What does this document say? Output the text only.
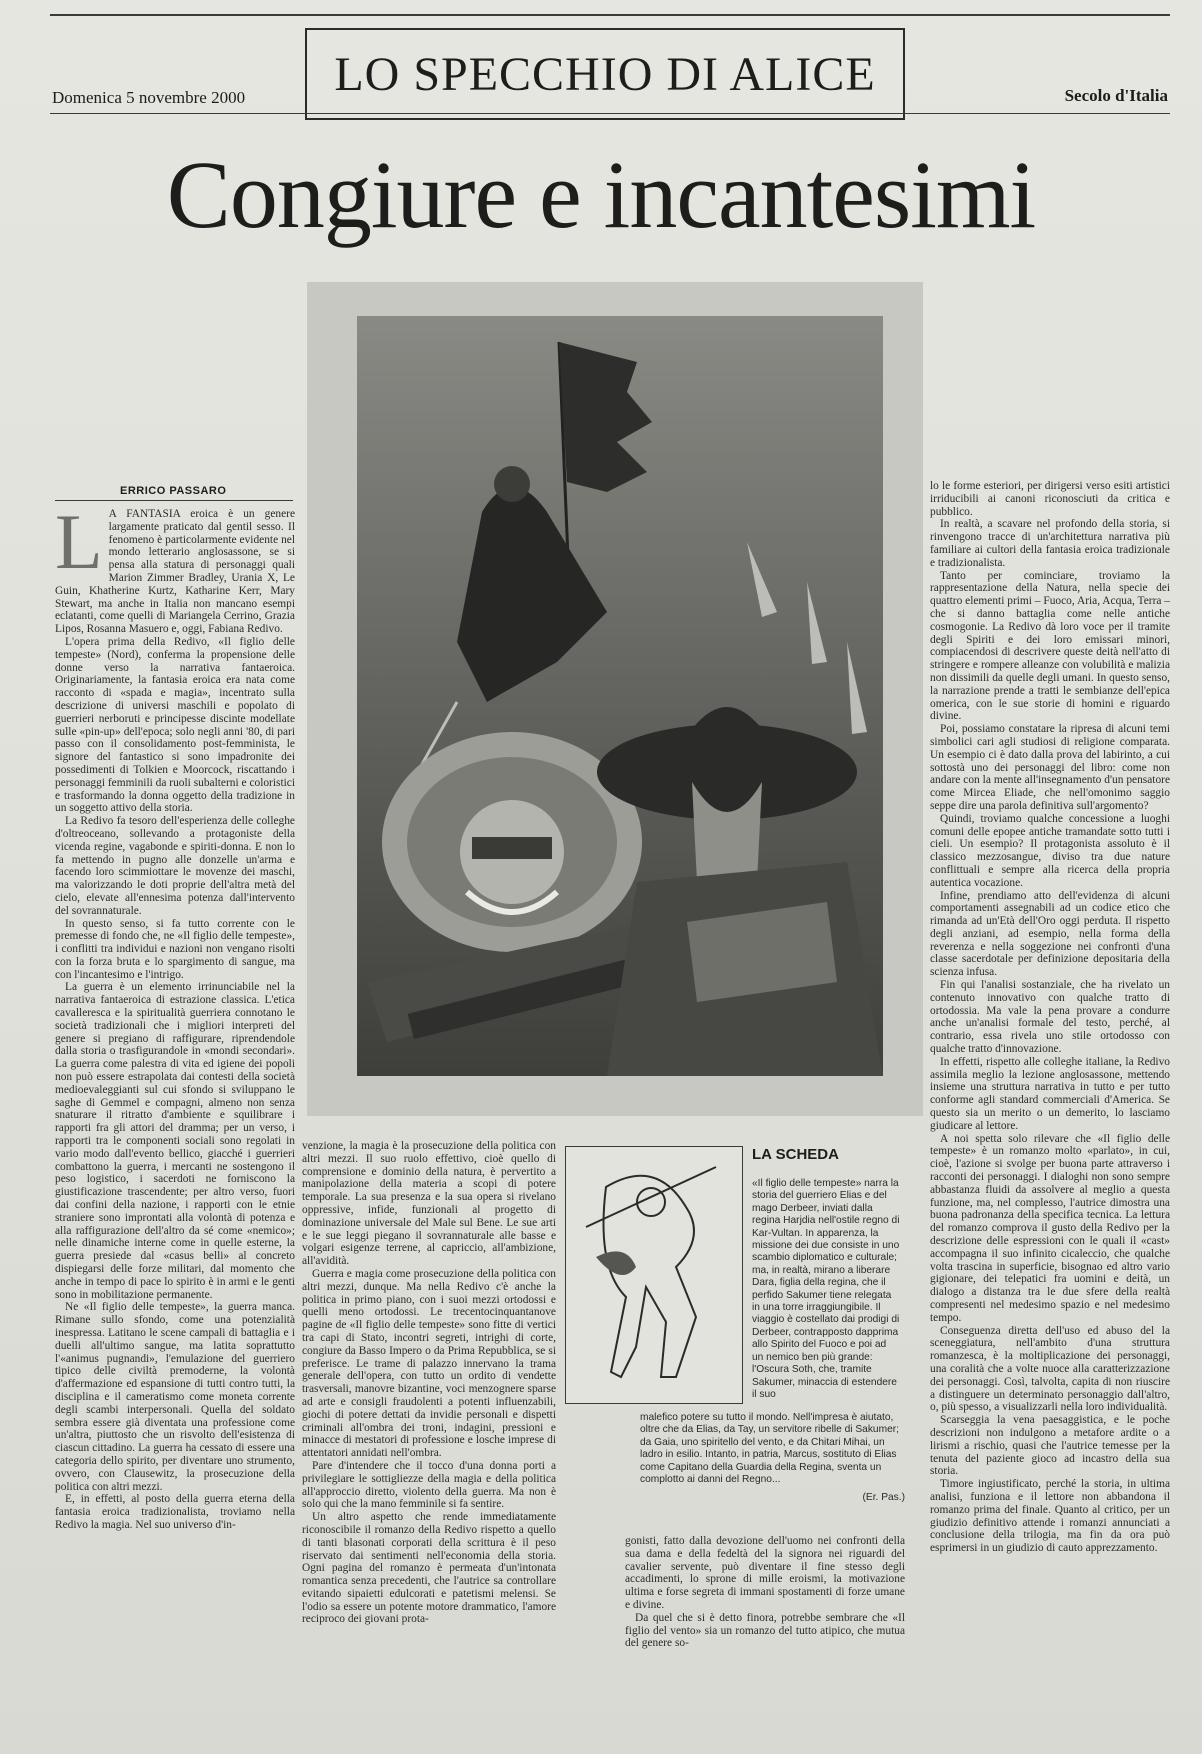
LO SPECCHIO DI ALICE
Domenica 5 novembre 2000	Secolo d'Italia
Congiure e incantesimi
ERRICO PASSARO

L A FANTASIA eroica è un genere largamente praticato dal gentil sesso. Il fenomeno è particolarmente evidente nel mondo letterario anglosassone, se si pensa alla statura di personaggi quali Marion Zimmer Bradley, Urania X, Le Guin, Khatherine Kurtz, Katharine Kerr, Mary Stewart, ma anche in Italia non mancano esempi eclatanti, come quelli di Mariangela Cerrino, Grazia Lipos, Rosanna Masuero e, oggi, Fabiana Redivo.

L'opera prima della Redivo, «Il figlio delle tempeste» (Nord), conferma la propensione delle donne verso la narrativa fantaeroica. Originariamente, la fantasia eroica era nata come racconto di «spada e magia», incentrato sulla descrizione di universi maschili e popolato di guerrieri nerboruti e principesse discinte modellate sulle «pin-up» dell'epoca; solo negli anni '80, di pari passo con il consolidamento post-femminista, le signore del fantastico si sono impadronite dei possedimenti di Tolkien e Moorcock, riscattando i personaggi femminili da ruoli subalterni e coloristici e trasformando la donna oggetto della tradizione in un soggetto attivo della storia.

La Redivo fa tesoro dell'esperienza delle colleghe d'oltreoceano, sollevando a protagoniste della vicenda regine, vagabonde e spiriti-donna. E non lo fa mettendo in pugno alle donzelle un'arma e facendo loro scimmiottare le movenze dei maschi, ma valorizzando le doti proprie dell'altra metà del cielo, elevate all'ennesima potenza dall'intervento del sovrannaturale.

In questo senso, si fa tutto corrente con le premesse di fondo che, ne «Il figlio delle tempeste», i conflitti tra individui e nazioni non vengano risolti con la forza bruta e lo spargimento di sangue, ma con l'incantesimo e l'intrigo.

La guerra è un elemento irrinunciabile nel la narrativa fantaeroica di estrazione classica. L'etica cavalleresca e la spiritualità guerriera connotano le società tradizionali che i migliori interpreti del genere si pregiano di raffigurare, riprendendole dalla storia o trasfigurandole in «mondi secondari». La guerra come palestra di vita ed igiene dei popoli non può essere estrapolata dai contesti della società medioevaleggianti sul cui sfondo si sviluppano le saghe di Gemmel e compagni, almeno non senza snaturare il ritratto d'ambiente e squilibrare i rapporti fra gli attori del dramma; per un verso, i rapporti tra le componenti sociali sono regolati in vario modo dall'evento bellico, giacché i guerrieri combattono la guerra, i mercanti ne sostengono il peso logistico, i sacerdoti ne forniscono la giustificazione trascendente; per altro verso, fuori dai confini della nazione, i rapporti con le etnie straniere sono improntati alla volontà di potenza e alla raffigurazione dell'altro da sé come «nemico»; nelle dinamiche interne come in quelle esterne, la guerra presiede dal «casus belli» al concreto dispiegarsi delle forze militari, dal momento che anche in tempo di pace lo spirito è in armi e le genti sono in mobilitazione permanente.

Ne «Il figlio delle tempeste», la guerra manca. Rimane sullo sfondo, come una potenzialità inespressa. Latitano le scene campali di battaglia e i duelli all'ultimo sangue, ma latita soprattutto l'«animus pugnandi», l'emulazione del guerriero tipico delle civiltà premoderne, la volontà d'affermazione ed espansione di tutti contro tutti, la disciplina e il cameratismo come moneta corrente degli scambi interpersonali. Quella del soldato sembra essere già diventata una professione come un'altra, piuttosto che un risvolto dell'esistenza di ciascun cittadino. La guerra ha cessato di essere una categoria dello spirito, per diventare uno strumento, ovvero, con Clausewitz, la prosecuzione della politica con altri mezzi.

E, in effetti, al posto della guerra eterna della fantasia eroica tradizionalista, troviamo nella Redivo la magia. Nel suo universo d'in-

venzione, la magia è la prosecuzione della politica con altri mezzi. Il suo ruolo effettivo, cioè quello di comprensione e dominio della natura, è pervertito a manipolazione della materia a scopi di potere temporale. La sua presenza e la sua opera si rivelano oppressive, infide, funzionali al progetto di dominazione universale del Male sul Bene. Le sue arti e le sue leggi piegano il sovrannaturale alle basse e volgari esigenze terrene, al capriccio, all'ambizione, all'avidità.

Guerra e magia come prosecuzione della politica con altri mezzi, dunque. Ma nella Redivo c'è anche la politica in primo piano, con i suoi mezzi ortodossi e quelli meno ortodossi. Le trecentocinquantanove pagine de «Il figlio delle tempeste» sono fitte di vertici tra capi di Stato, incontri segreti, intrighi di corte, congiure da Basso Impero o da Prima Repubblica, se si preferisce. Le trame di palazzo innervano la trama generale dell'opera, con tutto un ordito di vendette trasversali, manovre bizantine, voci menzognere sparse ad arte e consigli fraudolenti a potenti influenzabili, giochi di potere dettati da invidie personali e dispetti criminali all'ombra dei troni, indagini, pressioni e minacce di mestatori di professione e losche imprese di attentatori annidati nell'ombra.

Pare d'intendere che il tocco d'una donna porti a privilegiare le sottigliezze della magia e della politica all'approccio diretto, violento della guerra. Ma non è solo qui che la mano femminile si fa sentire.

Un altro aspetto che rende immediatamente riconoscibile il romanzo della Redivo rispetto a quello di tanti blasonati corporati della scrittura è il peso riservato dai sentimenti nell'economia della storia. Ogni pagina del romanzo è permeata d'un'intonata romantica senza precedenti, che l'autrice sa controllare evitando sipaietti edulcorati e patetismi melensi. Se l'odio sa essere un potente motore drammatico, l'amore reciproco dei giovani prota-

LA SCHEDA
«Il figlio delle tempeste» narra la storia del guerriero Elias e del mago Derbeer, inviati dalla regina Harjdia nell'ostile regno di Kar-Vultan. In apparenza, la missione dei due consiste in uno scambio diplomatico e culturale; ma, in realtà, mirano a liberare Dara, figlia della regina, che il perfido Sakumer tiene relegata in una torre irraggiungibile. Il viaggio è costellato dai prodigi di Derbeer, contrapposto dapprima allo Spirito del Fuoco e poi ad un nemico ben più grande: l'Oscura Soth, che, tramite Sakumer, minaccia di estendere il suo
malefico potere su tutto il mondo. Nell'impresa è aiutato, oltre che da Elias, da Tay, un servitore ribelle di Sakumer; da Gaia, uno spiritello del vento, e da Chitari Mihai, un ladro in esilio. Intanto, in patria, Marcus, sostituto di Elias come Capitano della Guardia della Regina, sventa un complotto ai danni del Regno...
(Er. Pas.)

gonisti, fatto dalla devozione dell'uomo nei confronti della sua dama e della fedeltà del la signora nei riguardi del cavalier servente, può diventare il fine stesso degli accadimenti, lo sprone di mille eroismi, la motivazione ultima e forse segreta di immani spostamenti di forze umane e divine.

Da quel che si è detto finora, potrebbe sembrare che «Il figlio del vento» sia un romanzo del tutto atipico, che mutua del genere so-

lo le forme esteriori, per dirigersi verso esiti artistici irriducibili ai canoni riconosciuti da critica e pubblico.

In realtà, a scavare nel profondo della storia, si rinvengono tracce di un'architettura narrativa più familiare ai cultori della fantasia eroica tradizionale e tradizionalista.

Tanto per cominciare, troviamo la rappresentazione della Natura, nella specie dei quattro elementi primi – Fuoco, Aria, Acqua, Terra – che si danno battaglia come nelle antiche cosmogonie. La Redivo dà loro voce per il tramite degli Spiriti e dei loro emissari minori, compiacendosi di descrivere queste deità nell'atto di stringere e rompere alleanze con volubilità e malizia non dissimili da quelle degli umani. In questo senso, la narrazione prende a tratti le sembianze dell'epica omerica, con le sue storie di homini e riguardo divine.

Poi, possiamo constatare la ripresa di alcuni temi simbolici cari agli studiosi di religione comparata. Un esempio ci è dato dalla prova del labirinto, a cui sottostà uno dei personaggi del libro: come non andare con la mente all'insegnamento d'un pensatore come Mircea Eliade, che nell'omonimo saggio seppe dire una parola definitiva sull'argomento?

Quindi, troviamo qualche concessione a luoghi comuni delle epopee antiche tramandate sotto tutti i cieli. Un esempio? Il protagonista assoluto è il classico mezzosangue, diviso tra due nature conflittuali e sempre alla ricerca della propria autentica vocazione.

Infine, prendiamo atto dell'evidenza di alcuni comportamenti assegnabili ad un codice etico che rimanda ad un'Età dell'Oro oggi perduta. Il rispetto degli anziani, ad esempio, nella forma della reverenza e nella soggezione nei confronti d'una classe sacerdotale per definizione depositaria della scienza infusa.

Fin qui l'analisi sostanziale, che ha rivelato un contenuto innovativo con qualche tratto di ortodossia. Ma vale la pena provare a condurre anche un'analisi formale del testo, perché, al contrario, essa rivela uno stile ortodosso con qualche tratto d'innovazione.

In effetti, rispetto alle colleghe italiane, la Redivo assimila meglio la lezione anglosassone, mettendo insieme una struttura narrativa in tutto e per tutto conforme agli standard commerciali d'America. Se questo sia un merito o un demerito, lo lasciamo giudicare al lettore.

A noi spetta solo rilevare che «Il figlio delle tempeste» è un romanzo molto «parlato», in cui, cioè, l'azione si svolge per buona parte attraverso i racconti dei personaggi. I dialoghi non sono sempre abbastanza fluidi da assolvere al meglio a questa funzione, ma, nel complesso, l'autrice dimostra una buona padronanza della specifica tecnica. La lettura del romanzo comprova il gusto della Redivo per la descrizione delle espressioni con le quali il «cast» accompagna il suo infinito cicaleccio, che qualche volta trascina in superficie, bisognao ed altro vario gigionare, dei telepatici fra uomini e deità, un dialogo a distanza tra le due sfere della realtà compresenti nel medesimo spazio e nel medesimo tempo.

Conseguenza diretta dell'uso ed abuso del la sceneggiatura, nell'ambito d'una struttura romanzesca, è la moltiplicazione dei personaggi, una coralità che a volte nuoce alla caratterizzazione dei personaggi. Così, talvolta, capita di non riuscire a distinguere un determinato personaggio dall'altro, o, più spesso, a visualizzarli nella loro individualità.

Scarseggia la vena paesaggistica, e le poche descrizioni non indulgono a metafore ardite o a lirismi a rischio, quasi che l'autrice temesse per la tenuta del paziente gioco ad incastro della sua storia.

Timore ingiustificato, perché la storia, in ultima analisi, funziona e il lettore non abbandona il romanzo prima del finale. Quanto al critico, per un giudizio definitivo attende i romanzi annunciati a conclusione della trilogia, ma fin da ora può esprimersi in un giudizio di cauto apprezzamento.
